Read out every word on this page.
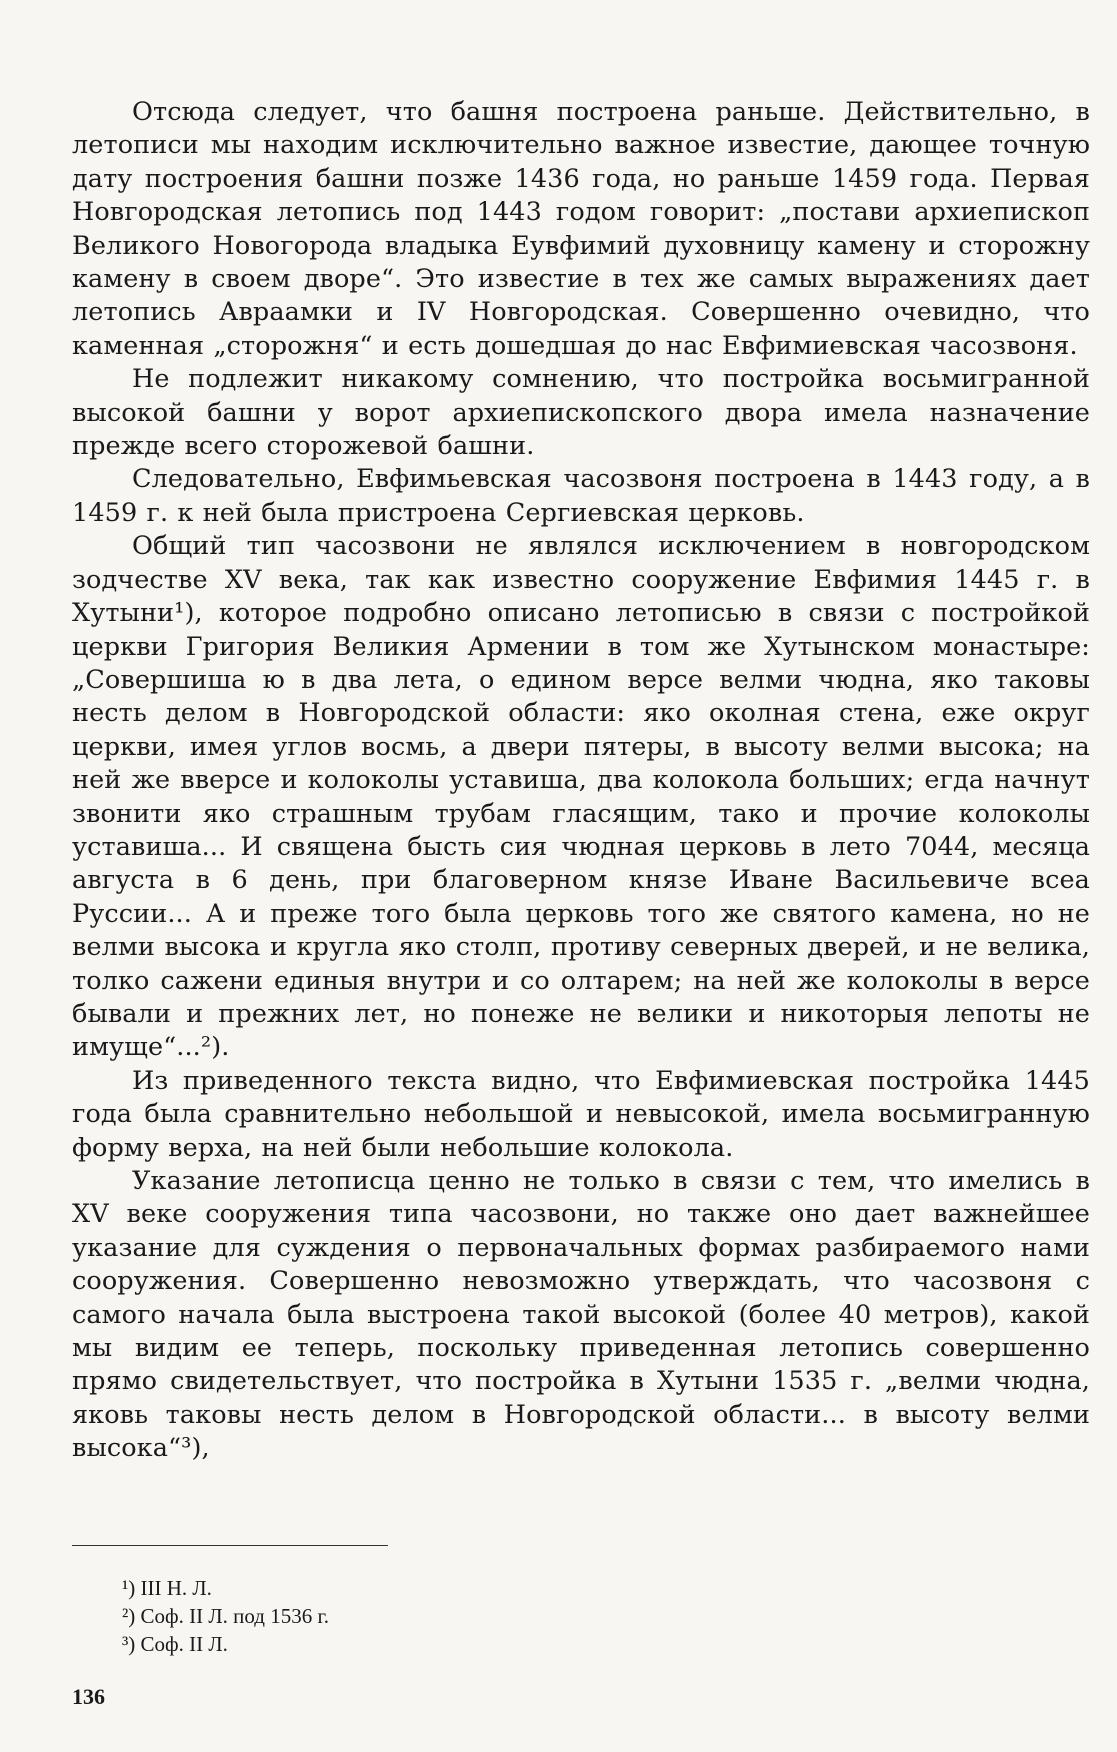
Отсюда следует, что башня построена раньше. Действительно, в летописи мы находим исключительно важное известие, дающее точную дату построения башни позже 1436 года, но раньше 1459 года. Первая Новгородская летопись под 1443 годом говорит: „постави архиепископ Великого Новогорода владыка Еувфимий духовницу камену и сторожну камену в своем дворе“. Это известие в тех же самых выражениях дает летопись Авраамки и IV Новгородская. Совершенно очевидно, что каменная „сторожня“ и есть дошедшая до нас Евфимиевская часозвоня.

Не подлежит никакому сомнению, что постройка восьмигранной высокой башни у ворот архиепископского двора имела назначение прежде всего сторожевой башни.

Следовательно, Евфимьевская часозвоня построена в 1443 году, а в 1459 г. к ней была пристроена Сергиевская церковь.

Общий тип часозвони не являлся исключением в новгородском зодчестве XV века, так как известно сооружение Евфимия 1445 г. в Хутыни¹), которое подробно описано летописью в связи с постройкой церкви Григория Великия Армении в том же Хутынском монастыре: „Совершиша ю в два лета, о едином версе велми чюдна, яко таковы несть делом в Новгородской области: яко околная стена, еже округ церкви, имея углов восмь, а двери пятеры, в высоту велми высока; на ней же вверсе и колоколы уставиша, два колокола больших; егда начнут звонити яко страшным трубам гласящим, тако и прочие колоколы уставиша... И священа бысть сия чюдная церковь в лето 7044, месяца августа в 6 день, при благоверном князе Иване Васильевиче всеа Руссии... А и преже того была церковь того же святого камена, но не велми высока и кругла яко столп, противу северных дверей, и не велика, толко сажени единыя внутри и со олтарем; на ней же колоколы в версе бывали и прежних лет, но понеже не велики и никоторыя лепоты не имуще“...²).

Из приведенного текста видно, что Евфимиевская постройка 1445 года была сравнительно небольшой и невысокой, имела восьмигранную форму верха, на ней были небольшие колокола.

Указание летописца ценно не только в связи с тем, что имелись в XV веке сооружения типа часозвони, но также оно дает важнейшее указание для суждения о первоначальных формах разбираемого нами сооружения. Совершенно невозможно утверждать, что часозвоня с самого начала была выстроена такой высокой (более 40 метров), какой мы видим ее теперь, поскольку приведенная летопись совершенно прямо свидетельствует, что постройка в Хутыни 1535 г. „велми чюдна, яковь таковы несть делом в Новгородской области... в высоту велми высока“³),

¹) III Н. Л.
²) Соф. II Л. под 1536 г.
³) Соф. II Л.
136
